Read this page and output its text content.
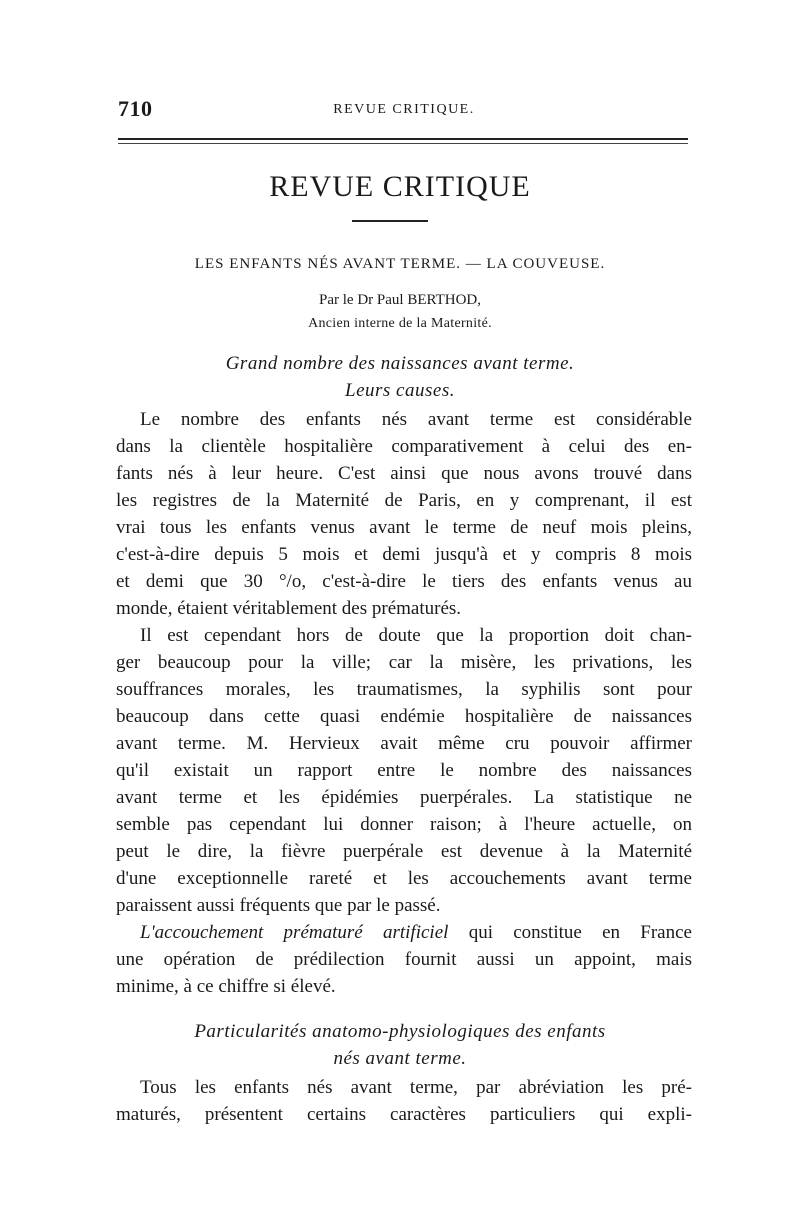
710	REVUE CRITIQUE.
REVUE CRITIQUE
LES ENFANTS NÉS AVANT TERME. — LA COUVEUSE.
Par le Dr Paul BERTHOD,
Ancien interne de la Maternité.
Grand nombre des naissances avant terme.
Leurs causes.
Le nombre des enfants nés avant terme est considérable
dans la clientèle hospitalière comparativement à celui des en-
fants nés à leur heure. C'est ainsi que nous avons trouvé dans
les registres de la Maternité de Paris, en y comprenant, il est
vrai tous les enfants venus avant le terme de neuf mois pleins,
c'est-à-dire depuis 5 mois et demi jusqu'à et y compris 8 mois
et demi que 30 °/o, c'est-à-dire le tiers des enfants venus au
monde, étaient véritablement des prématurés.
Il est cependant hors de doute que la proportion doit chan-
ger beaucoup pour la ville; car la misère, les privations, les
souffrances morales, les traumatismes, la syphilis sont pour
beaucoup dans cette quasi endémie hospitalière de naissances
avant terme. M. Hervieux avait même cru pouvoir affirmer
qu'il existait un rapport entre le nombre des naissances
avant terme et les épidémies puerpérales. La statistique ne
semble pas cependant lui donner raison; à l'heure actuelle, on
peut le dire, la fièvre puerpérale est devenue à la Maternité
d'une exceptionnelle rareté et les accouchements avant terme
paraissent aussi fréquents que par le passé.
L'accouchement prématuré artificiel qui constitue en France
une opération de prédilection fournit aussi un appoint, mais
minime, à ce chiffre si élevé.
Particularités anatomo-physiologiques des enfants
nés avant terme.
Tous les enfants nés avant terme, par abréviation les pré-
maturés, présentent certains caractères particuliers qui expli-
